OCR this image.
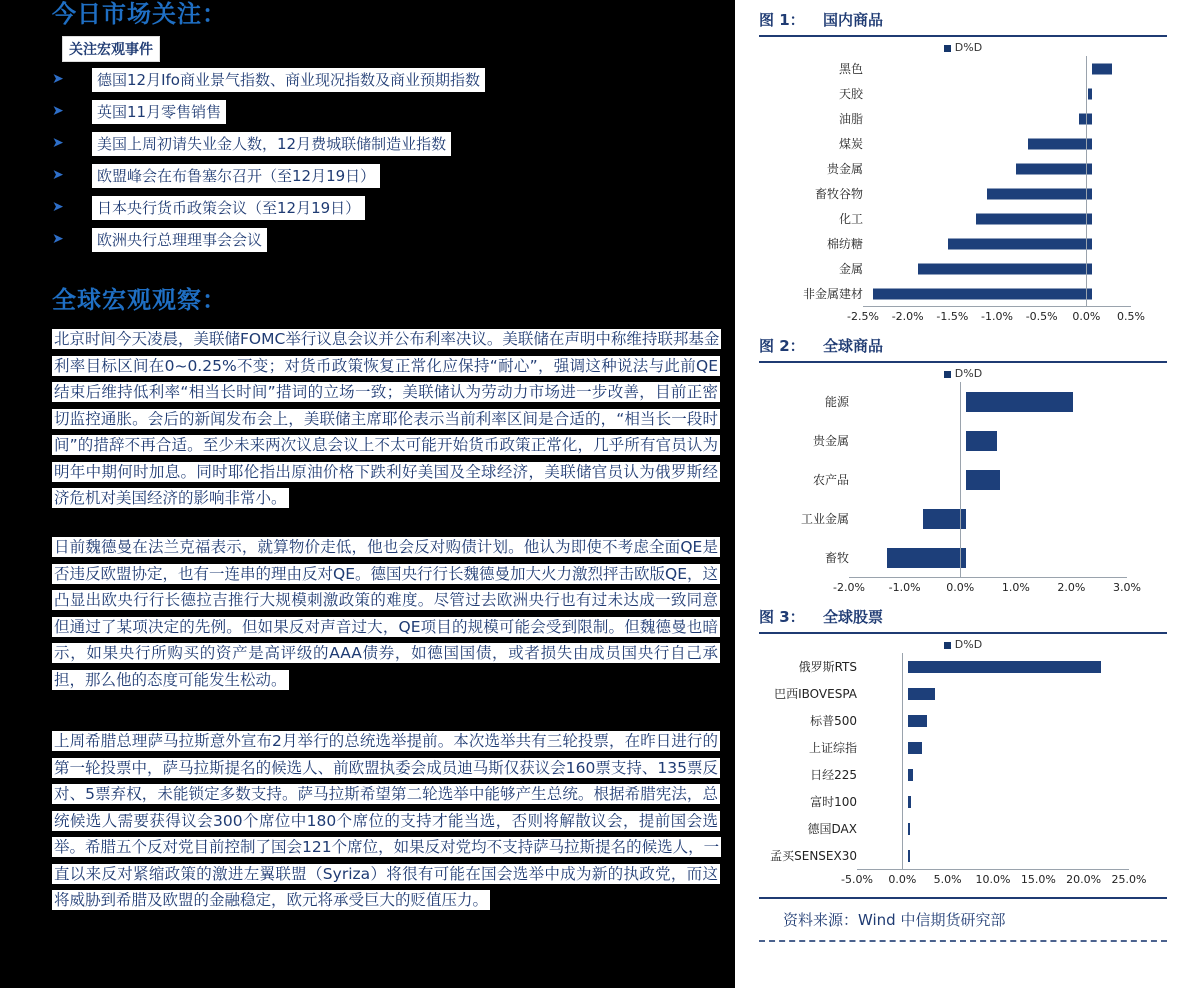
今日市场关注：
关注宏观事件
➤	德国12月Ifo商业景气指数、商业现况指数及商业预期指数
➤	英国11月零售销售
➤	美国上周初请失业金人数，12月费城联储制造业指数
➤	欧盟峰会在布鲁塞尔召开（至12月19日）
➤	日本央行货币政策会议（至12月19日）
➤	欧洲央行总理理事会会议
全球宏观观察：
北京时间今天凌晨，美联储FOMC举行议息会议并公布利率决议。美联储在声明中称维持联邦基金利率目标区间在0~0.25%不变；对货币政策恢复正常化应保持“耐心”，强调这种说法与此前QE结束后维持低利率“相当长时间”措词的立场一致；美联储认为劳动力市场进一步改善，目前正密切监控通胀。会后的新闻发布会上，美联储主席耶伦表示当前利率区间是合适的，“相当长一段时间”的措辞不再合适。至少未来两次议息会议上不太可能开始货币政策正常化，几乎所有官员认为明年中期何时加息。同时耶伦指出原油价格下跌利好美国及全球经济，美联储官员认为俄罗斯经济危机对美国经济的影响非常小。
日前魏德曼在法兰克福表示，就算物价走低，他也会反对购债计划。他认为即使不考虑全面QE是否违反欧盟协定，也有一连串的理由反对QE。德国央行行长魏德曼加大火力激烈抨击欧版QE，这凸显出欧央行行长德拉吉推行大规模刺激政策的难度。尽管过去欧洲央行也有过未达成一致同意但通过了某项决定的先例。但如果反对声音过大，QE项目的规模可能会受到限制。但魏德曼也暗示，如果央行所购买的资产是高评级的AAA债券，如德国国债，或者损失由成员国央行自己承担，那么他的态度可能发生松动。
上周希腊总理萨马拉斯意外宣布2月举行的总统选举提前。本次选举共有三轮投票，在昨日进行的第一轮投票中，萨马拉斯提名的候选人、前欧盟执委会成员迪马斯仅获议会160票支持、135票反对、5票弃权，未能锁定多数支持。萨马拉斯希望第二轮选举中能够产生总统。根据希腊宪法，总统候选人需要获得议会300个席位中180个席位的支持才能当选，否则将解散议会，提前国会选举。希腊五个反对党目前控制了国会121个席位，如果反对党均不支持萨马拉斯提名的候选人，一直以来反对紧缩政策的激进左翼联盟（Syriza）将很有可能在国会选举中成为新的执政党，而这将威胁到希腊及欧盟的金融稳定，欧元将承受巨大的贬值压力。
图 1：	国内商品
D%D
黑色
天胶
油脂
煤炭
贵金属
畜牧谷物
化工
棉纺糖
金属
非金属建材
-2.5% -2.0% -1.5% -1.0% -0.5% 0.0% 0.5%
图 2：	全球商品
D%D
能源
贵金属
农产品
工业金属
畜牧
-2.0% -1.0% 0.0%	1.0%	2.0%	3.0%
图 3：	全球股票
D%D
俄罗斯RTS
巴西IBOVESPA
标普500
上证综指
日经225
富时100
德国DAX
孟买SENSEX30
-5.0% 0.0% 5.0% 10.0% 15.0% 20.0% 25.0%
资料来源：Wind 中信期货研究部
